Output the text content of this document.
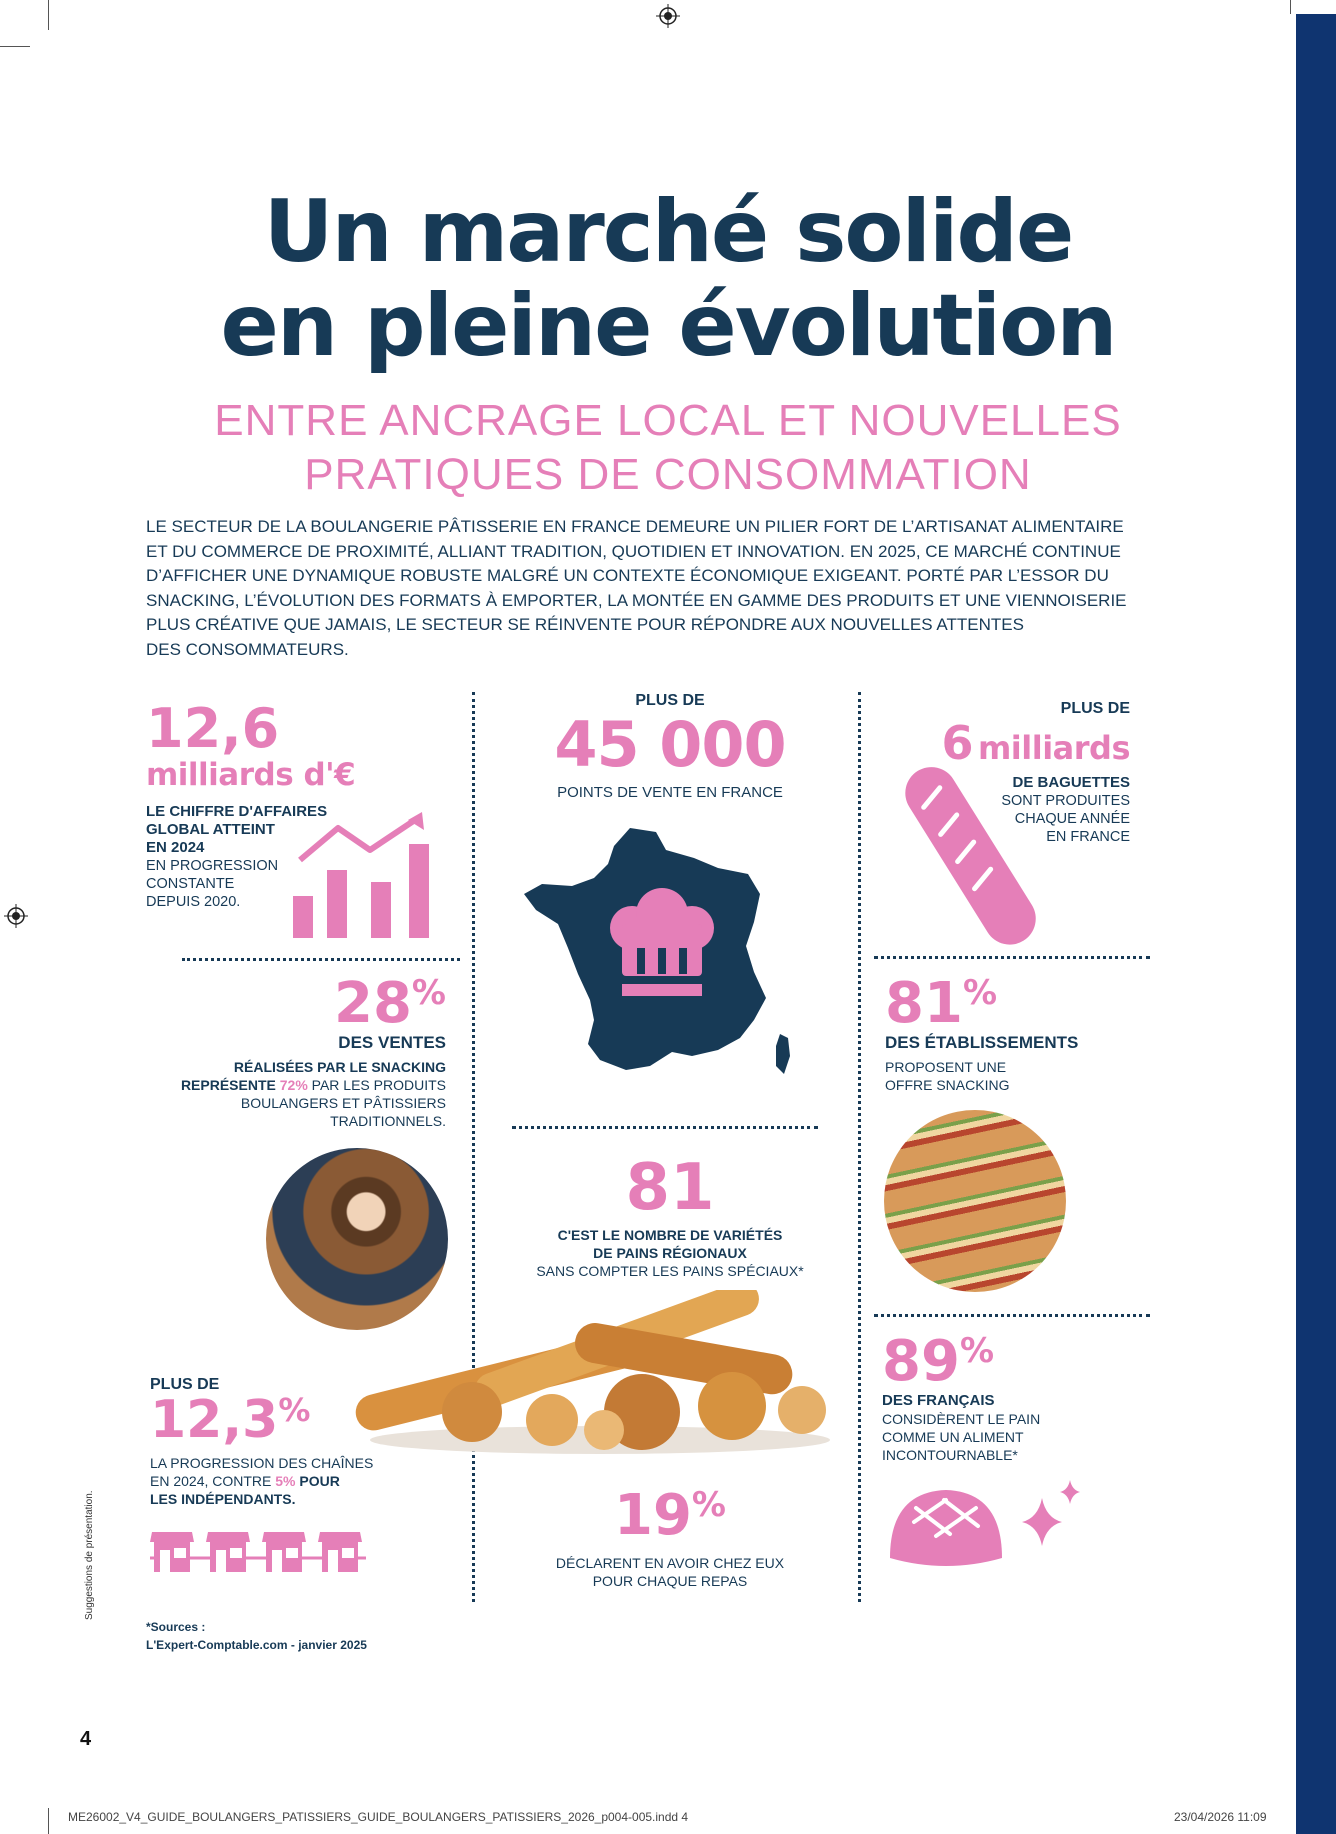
Un marché solide
en pleine évolution
ENTRE ANCRAGE LOCAL ET NOUVELLES
PRATIQUES DE CONSOMMATION

LE SECTEUR DE LA BOULANGERIE PÂTISSERIE EN FRANCE DEMEURE UN PILIER FORT DE L’ARTISANAT ALIMENTAIRE

ET DU COMMERCE DE PROXIMITÉ, ALLIANT TRADITION, QUOTIDIEN ET INNOVATION. EN 2025, CE MARCHÉ CONTINUE

D’AFFICHER UNE DYNAMIQUE ROBUSTE MALGRÉ UN CONTEXTE ÉCONOMIQUE EXIGEANT. PORTÉ PAR L’ESSOR DU

SNACKING, L’ÉVOLUTION DES FORMATS À EMPORTER, LA MONTÉE EN GAMME DES PRODUITS ET UNE VIENNOISERIE

PLUS CRÉATIVE QUE JAMAIS, LE SECTEUR SE RÉINVENTE POUR RÉPONDRE AUX NOUVELLES ATTENTES

DES CONSOMMATEURS.

12,6
milliards d'€
LE CHIFFRE D'AFFAIRES
GLOBAL ATTEINT
EN 2024
EN PROGRESSION
CONSTANTE
DEPUIS 2020.
PLUS DE
45 000
POINTS DE VENTE EN FRANCE
PLUS DE
6 milliards
DE BAGUETTES
SONT PRODUITES
CHAQUE ANNÉE
EN FRANCE
28%
DES VENTES
RÉALISÉES PAR LE SNACKING
REPRÉSENTE 72% PAR LES PRODUITS
BOULANGERS ET PÂTISSIERS
TRADITIONNELS.
81%
DES ÉTABLISSEMENTS
PROPOSENT UNE
OFFRE SNACKING
81
C'EST LE NOMBRE DE VARIÉTÉS
DE PAINS RÉGIONAUX
SANS COMPTER LES PAINS SPÉCIAUX*
PLUS DE
12,3%
LA PROGRESSION DES CHAÎNES
EN 2024, CONTRE 5% POUR
LES INDÉPENDANTS.	19%
DÉCLARENT EN AVOIR CHEZ EUX
POUR CHAQUE REPAS
89%
DES FRANÇAIS
CONSIDÈRENT LE PAIN
COMME UN ALIMENT
INCONTOURNABLE*
*Sources :
L'Expert-Comptable.com - janvier 2025
Suggestions de présentation.
4
ME26002_V4_GUIDE_BOULANGERS_PATISSIERS_GUIDE_BOULANGERS_PATISSIERS_2026_p004-005.indd 4	23/04/2026 11:09
